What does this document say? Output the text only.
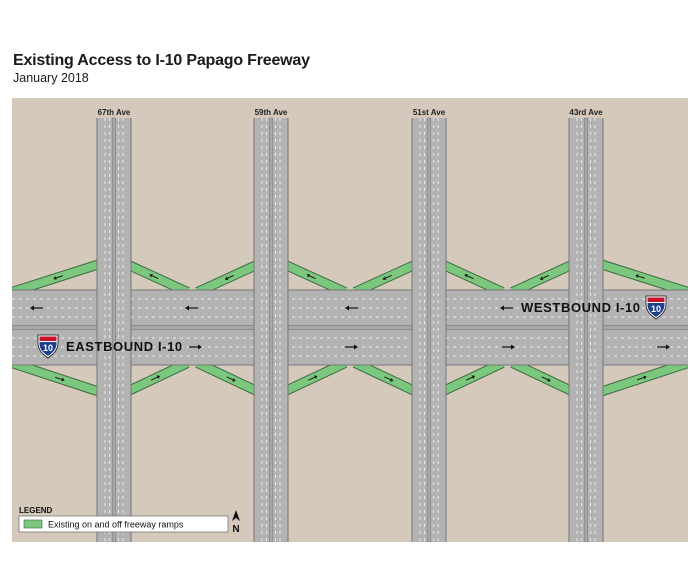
Existing Access to I-10 Papago Freeway
January 2018
67th Ave	59th Ave	51st Ave	43rd Ave
WESTBOUND I-10
EASTBOUND I-10
10
10
LEGEND
Existing on and off freeway ramps	N
